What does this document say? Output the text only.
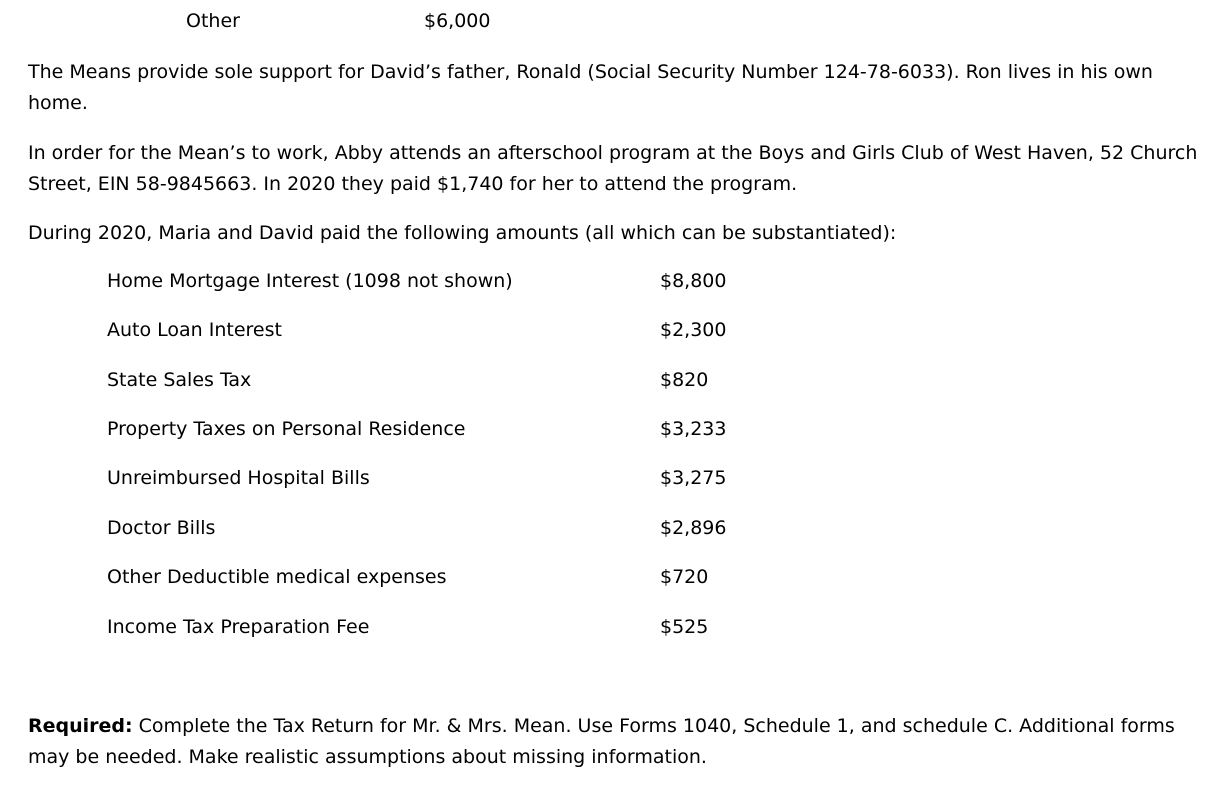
Other	$6,000

The Means provide sole support for David’s father, Ronald (Social Security Number 124-78-6033). Ron lives in his own home.

In order for the Mean’s to work, Abby attends an afterschool program at the Boys and Girls Club of West Haven, 52 Church Street, EIN 58-9845663. In 2020 they paid $1,740 for her to attend the program.

During 2020, Maria and David paid the following amounts (all which can be substantiated):

Home Mortgage Interest (1098 not shown)	$8,800
Auto Loan Interest	$2,300
State Sales Tax	$820
Property Taxes on Personal Residence	$3,233
Unreimbursed Hospital Bills	$3,275
Doctor Bills	$2,896
Other Deductible medical expenses	$720
Income Tax Preparation Fee	$525

Required: Complete the Tax Return for Mr. & Mrs. Mean. Use Forms 1040, Schedule 1, and schedule C. Additional forms may be needed. Make realistic assumptions about missing information.
